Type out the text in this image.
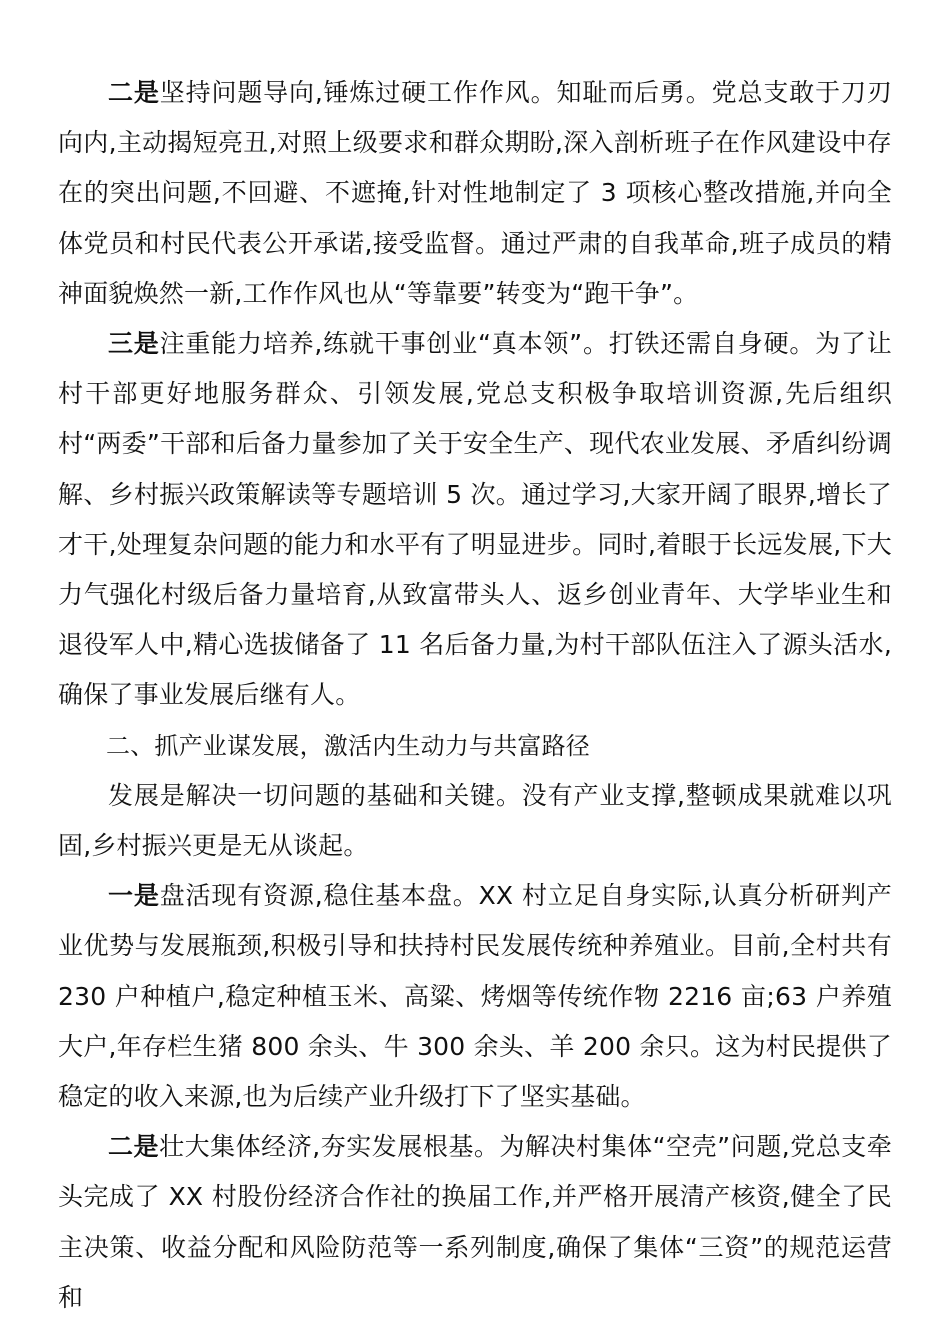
二是坚持问题导向,锤炼过硬工作作风。知耻而后勇。党总支敢于刀刃向内,主动揭短亮丑,对照上级要求和群众期盼,深入剖析班子在作风建设中存在的突出问题,不回避、不遮掩,针对性地制定了 3 项核心整改措施,并向全体党员和村民代表公开承诺,接受监督。通过严肃的自我革命,班子成员的精神面貌焕然一新,工作作风也从“等靠要”转变为“跑干争”。

三是注重能力培养,练就干事创业“真本领”。打铁还需自身硬。为了让村干部更好地服务群众、引领发展,党总支积极争取培训资源,先后组织村“两委”干部和后备力量参加了关于安全生产、现代农业发展、矛盾纠纷调解、乡村振兴政策解读等专题培训 5 次。通过学习,大家开阔了眼界,增长了才干,处理复杂问题的能力和水平有了明显进步。同时,着眼于长远发展,下大力气强化村级后备力量培育,从致富带头人、返乡创业青年、大学毕业生和退役军人中,精心选拔储备了 11 名后备力量,为村干部队伍注入了源头活水,确保了事业发展后继有人。

二、抓产业谋发展，激活内生动力与共富路径

发展是解决一切问题的基础和关键。没有产业支撑,整顿成果就难以巩固,乡村振兴更是无从谈起。

一是盘活现有资源,稳住基本盘。XX 村立足自身实际,认真分析研判产业优势与发展瓶颈,积极引导和扶持村民发展传统种养殖业。目前,全村共有 230 户种植户,稳定种植玉米、高粱、烤烟等传统作物 2216 亩;63 户养殖大户,年存栏生猪 800 余头、牛 300 余头、羊 200 余只。这为村民提供了稳定的收入来源,也为后续产业升级打下了坚实基础。

二是壮大集体经济,夯实发展根基。为解决村集体“空壳”问题,党总支牵头完成了 XX 村股份经济合作社的换届工作,并严格开展清产核资,健全了民主决策、收益分配和风险防范等一系列制度,确保了集体“三资”的规范运营和
